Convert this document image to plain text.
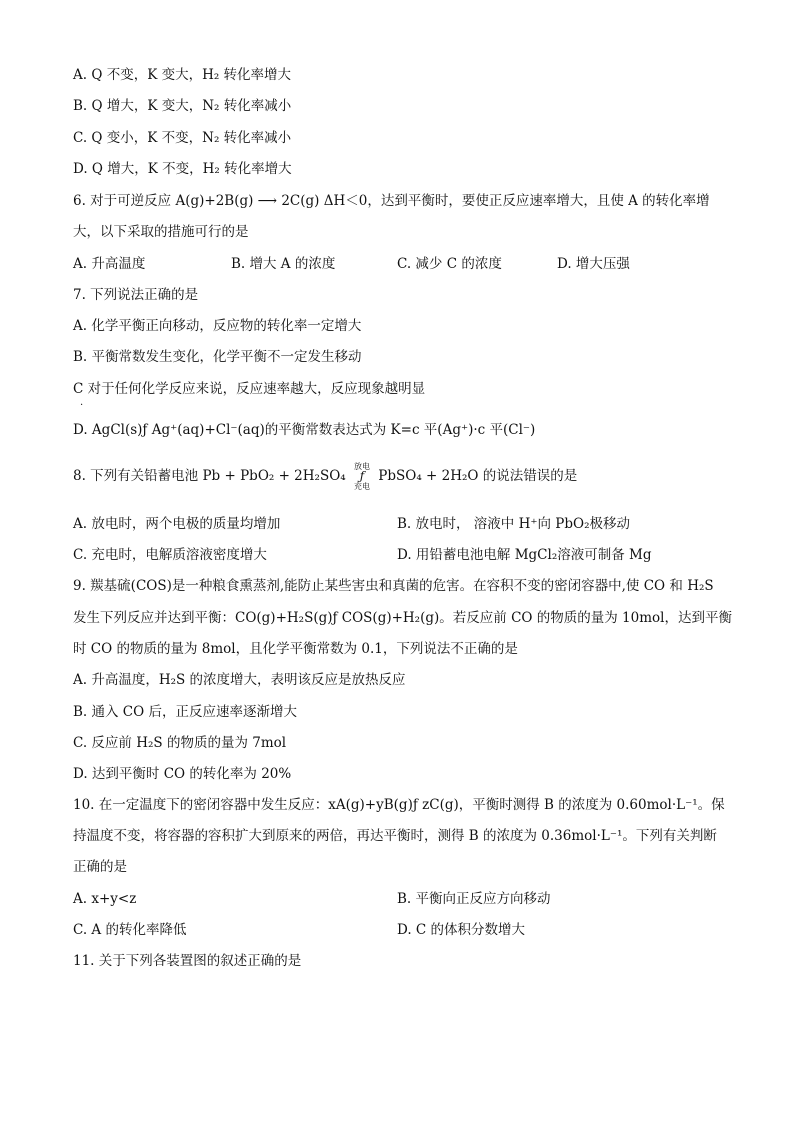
A. Q 不变，K 变大，H₂ 转化率增大
B. Q 增大，K 变大，N₂ 转化率减小
C. Q 变小，K 不变，N₂ 转化率减小
D. Q 增大，K 不变，H₂ 转化率增大
6. 对于可逆反应 A(g)+2B(g) ⟶ 2C(g) ΔH＜0，达到平衡时，要使正反应速率增大，且使 A 的转化率增
大，以下采取的措施可行的是
A. 升高温度	B. 增大 A 的浓度	C. 减少 C 的浓度	D. 增大压强
7. 下列说法正确的是
A. 化学平衡正向移动，反应物的转化率一定增大
B. 平衡常数发生变化，化学平衡不一定发生移动
C 对于任何化学反应来说，反应速率越大，反应现象越明显
.
D. AgCl(s)ƒ Ag⁺(aq)+Cl⁻(aq)的平衡常数表达式为 K=c 平(Ag⁺)·c 平(Cl⁻)
8. 下列有关铅蓄电池 Pb + PbO₂ + 2H₂SO₄ 放电
ƒ
充电 PbSO₄ + 2H₂O 的说法错误的是
A. 放电时，两个电极的质量均增加	B. 放电时， 溶液中 H⁺向 PbO₂极移动
C. 充电时，电解质溶液密度增大	D. 用铅蓄电池电解 MgCl₂溶液可制备 Mg
9. 羰基硫(COS)是一种粮食熏蒸剂,能防止某些害虫和真菌的危害。在容积不变的密闭容器中,使 CO 和 H₂S
发生下列反应并达到平衡：CO(g)+H₂S(g)ƒ COS(g)+H₂(g)。若反应前 CO 的物质的量为 10mol，达到平衡
时 CO 的物质的量为 8mol，且化学平衡常数为 0.1，下列说法不正确的是
A. 升高温度，H₂S 的浓度增大，表明该反应是放热反应
B. 通入 CO 后，正反应速率逐渐增大
C. 反应前 H₂S 的物质的量为 7mol
D. 达到平衡时 CO 的转化率为 20%
10. 在一定温度下的密闭容器中发生反应：xA(g)+yB(g)ƒ zC(g)，平衡时测得 B 的浓度为 0.60mol·L⁻¹。保
持温度不变，将容器的容积扩大到原来的两倍，再达平衡时，测得 B 的浓度为 0.36mol·L⁻¹。下列有关判断
正确的是
A. x+y<z	B. 平衡向正反应方向移动
C. A 的转化率降低	D. C 的体积分数增大
11. 关于下列各装置图的叙述正确的是
